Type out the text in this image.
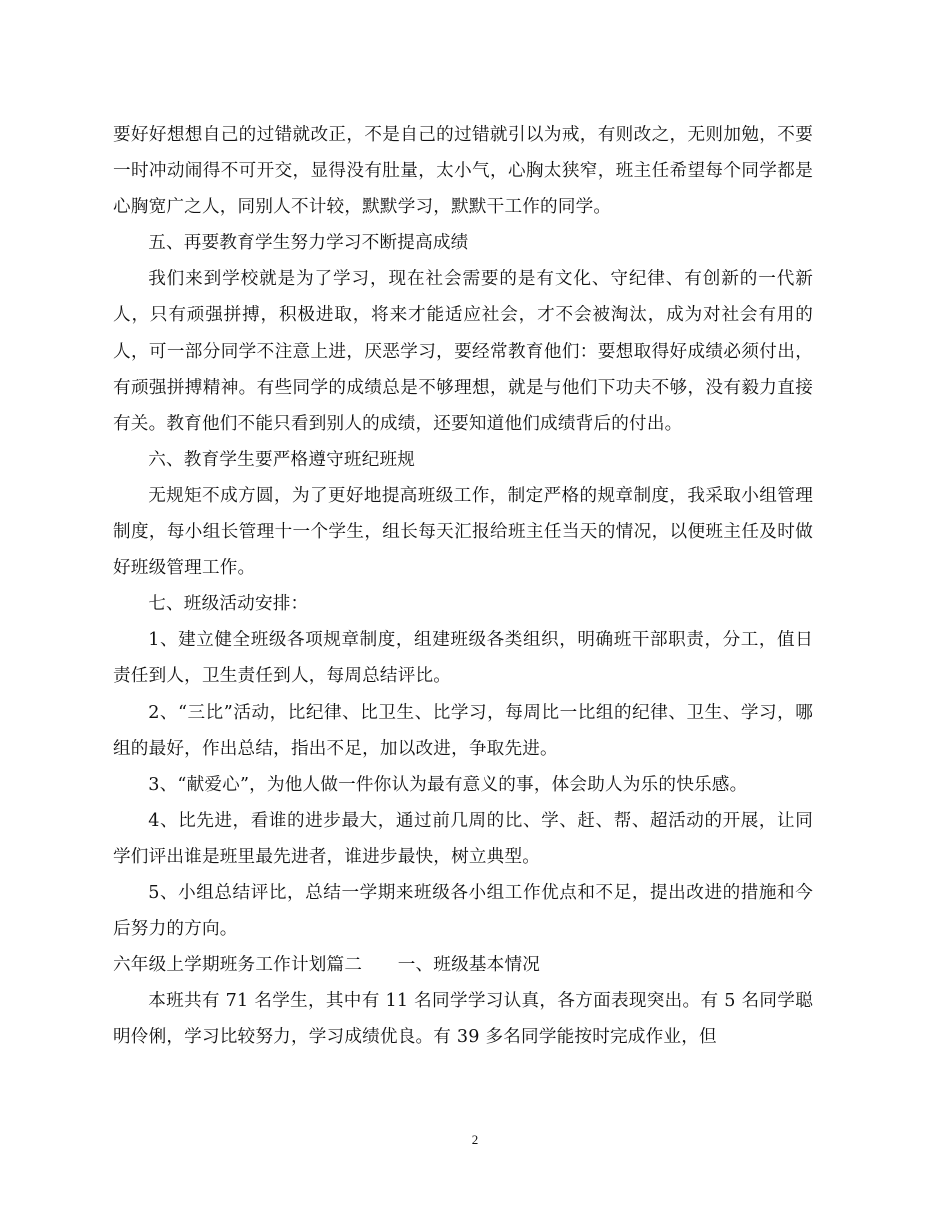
要好好想想自己的过错就改正，不是自己的过错就引以为戒，有则改之，无则加勉，不要一时冲动闹得不可开交，显得没有肚量，太小气，心胸太狭窄，班主任希望每个同学都是心胸宽广之人，同别人不计较，默默学习，默默干工作的同学。

五、再要教育学生努力学习不断提高成绩

我们来到学校就是为了学习，现在社会需要的是有文化、守纪律、有创新的一代新人，只有顽强拼搏，积极进取，将来才能适应社会，才不会被淘汰，成为对社会有用的人，可一部分同学不注意上进，厌恶学习，要经常教育他们：要想取得好成绩必须付出，有顽强拼搏精神。有些同学的成绩总是不够理想，就是与他们下功夫不够，没有毅力直接有关。教育他们不能只看到别人的成绩，还要知道他们成绩背后的付出。

六、教育学生要严格遵守班纪班规

无规矩不成方圆，为了更好地提高班级工作，制定严格的规章制度，我采取小组管理制度，每小组长管理十一个学生，组长每天汇报给班主任当天的情况，以便班主任及时做好班级管理工作。

七、班级活动安排：

1、建立健全班级各项规章制度，组建班级各类组织，明确班干部职责，分工，值日责任到人，卫生责任到人，每周总结评比。

2、“三比”活动，比纪律、比卫生、比学习，每周比一比组的纪律、卫生、学习，哪组的最好，作出总结，指出不足，加以改进，争取先进。

3、“献爱心”，为他人做一件你认为最有意义的事，体会助人为乐的快乐感。

4、比先进，看谁的进步最大，通过前几周的比、学、赶、帮、超活动的开展，让同学们评出谁是班里最先进者，谁进步最快，树立典型。

5、小组总结评比，总结一学期来班级各小组工作优点和不足，提出改进的措施和今后努力的方向。

六年级上学期班务工作计划篇二　　一、班级基本情况

本班共有 71 名学生，其中有 11 名同学学习认真，各方面表现突出。有 5 名同学聪明伶俐，学习比较努力，学习成绩优良。有 39 多名同学能按时完成作业，但

2
